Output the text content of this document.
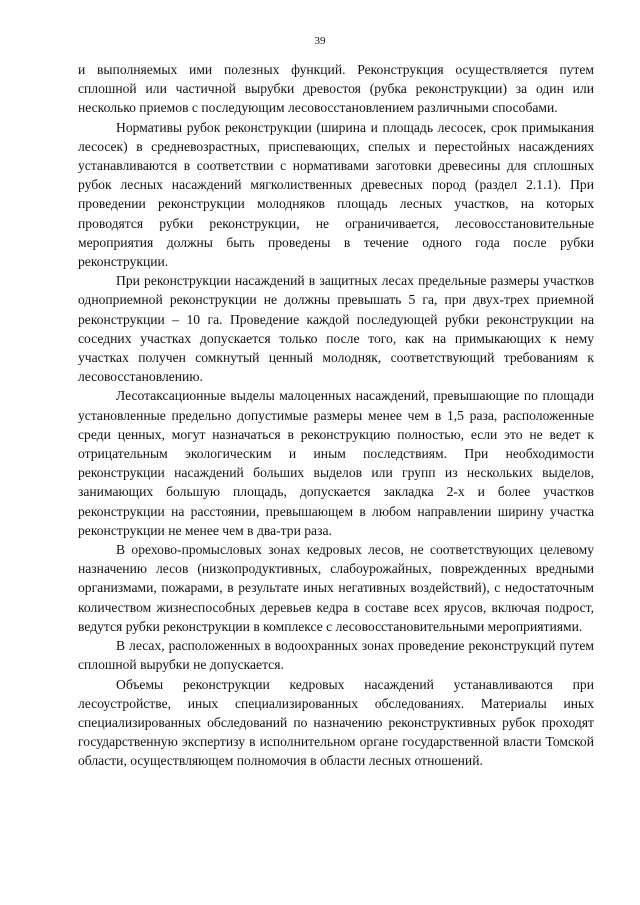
39

и выполняемых ими полезных функций. Реконструкция осуществляется путем сплошной или частичной вырубки древостоя (рубка реконструкции) за один или несколько приемов с последующим лесовосстановлением различными способами.

Нормативы рубок реконструкции (ширина и площадь лесосек, срок примыкания лесосек) в средневозрастных, приспевающих, спелых и перестойных насаждениях устанавливаются в соответствии с нормативами заготовки древесины для сплошных рубок лесных насаждений мягколиственных древесных пород (раздел 2.1.1). При проведении реконструкции молодняков площадь лесных участков, на которых проводятся рубки реконструкции, не ограничивается, лесовосстановительные мероприятия должны быть проведены в течение одного года после рубки реконструкции.

При реконструкции насаждений в защитных лесах предельные размеры участков одноприемной реконструкции не должны превышать 5 га, при двух-трех приемной реконструкции – 10 га. Проведение каждой последующей рубки реконструкции на соседних участках допускается только после того, как на примыкающих к нему участках получен сомкнутый ценный молодняк, соответствующий требованиям к лесовосстановлению.

Лесотаксационные выделы малоценных насаждений, превышающие по площади установленные предельно допустимые размеры менее чем в 1,5 раза, расположенные среди ценных, могут назначаться в реконструкцию полностью, если это не ведет к отрицательным экологическим и иным последствиям. При необходимости реконструкции насаждений больших выделов или групп из нескольких выделов, занимающих большую площадь, допускается закладка 2-х и более участков реконструкции на расстоянии, превышающем в любом направлении ширину участка реконструкции не менее чем в два-три раза.

В орехово-промысловых зонах кедровых лесов, не соответствующих целевому назначению лесов (низкопродуктивных, слабоурожайных, поврежденных вредными организмами, пожарами, в результате иных негативных воздействий), с недостаточным количеством жизнеспособных деревьев кедра в составе всех ярусов, включая подрост, ведутся рубки реконструкции в комплексе с лесовосстановительными мероприятиями.

В лесах, расположенных в водоохранных зонах проведение реконструкций путем сплошной вырубки не допускается.

Объемы реконструкции кедровых насаждений устанавливаются при лесоустройстве, иных специализированных обследованиях. Материалы иных специализированных обследований по назначению реконструктивных рубок проходят государственную экспертизу в исполнительном органе государственной власти Томской области, осуществляющем полномочия в области лесных отношений.
